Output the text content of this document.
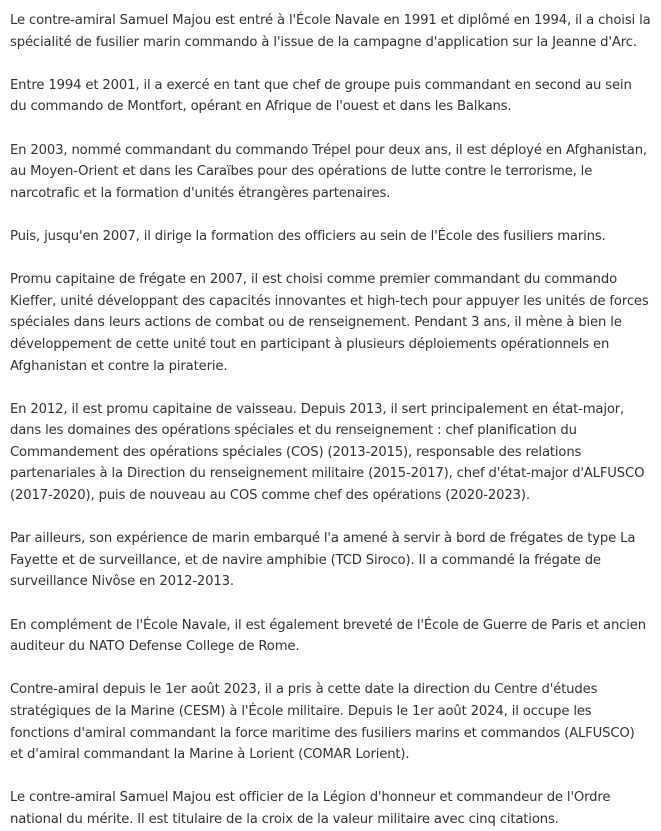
Le contre-amiral Samuel Majou est entré à l'École Navale en 1991 et diplômé en 1994, il a choisi la spécialité de fusilier marin commando à l'issue de la campagne d'application sur la Jeanne d'Arc.

Entre 1994 et 2001, il a exercé en tant que chef de groupe puis commandant en second au sein du commando de Montfort, opérant en Afrique de l'ouest et dans les Balkans.

En 2003, nommé commandant du commando Trépel pour deux ans, il est déployé en Afghanistan, au Moyen-Orient et dans les Caraïbes pour des opérations de lutte contre le terrorisme, le narcotrafic et la formation d'unités étrangères partenaires.

Puis, jusqu'en 2007, il dirige la formation des officiers au sein de l'École des fusiliers marins.

Promu capitaine de frégate en 2007, il est choisi comme premier commandant du commando Kieffer, unité développant des capacités innovantes et high-tech pour appuyer les unités de forces spéciales dans leurs actions de combat ou de renseignement. Pendant 3 ans, il mène à bien le développement de cette unité tout en participant à plusieurs déploiements opérationnels en Afghanistan et contre la piraterie.

En 2012, il est promu capitaine de vaisseau. Depuis 2013, il sert principalement en état-major, dans les domaines des opérations spéciales et du renseignement : chef planification du Commandement des opérations spéciales (COS) (2013-2015), responsable des relations partenariales à la Direction du renseignement militaire (2015-2017), chef d'état-major d'ALFUSCO (2017-2020), puis de nouveau au COS comme chef des opérations (2020-2023).

Par ailleurs, son expérience de marin embarqué l'a amené à servir à bord de frégates de type La Fayette et de surveillance, et de navire amphibie (TCD Siroco). Il a commandé la frégate de surveillance Nivôse en 2012-2013.

En complément de l'École Navale, il est également breveté de l'École de Guerre de Paris et ancien auditeur du NATO Defense College de Rome.

Contre-amiral depuis le 1er août 2023, il a pris à cette date la direction du Centre d'études stratégiques de la Marine (CESM) à l'École militaire. Depuis le 1er août 2024, il occupe les fonctions d'amiral commandant la force maritime des fusiliers marins et commandos (ALFUSCO) et d'amiral commandant la Marine à Lorient (COMAR Lorient).

Le contre-amiral Samuel Majou est officier de la Légion d'honneur et commandeur de l'Ordre national du mérite. Il est titulaire de la croix de la valeur militaire avec cinq citations.
